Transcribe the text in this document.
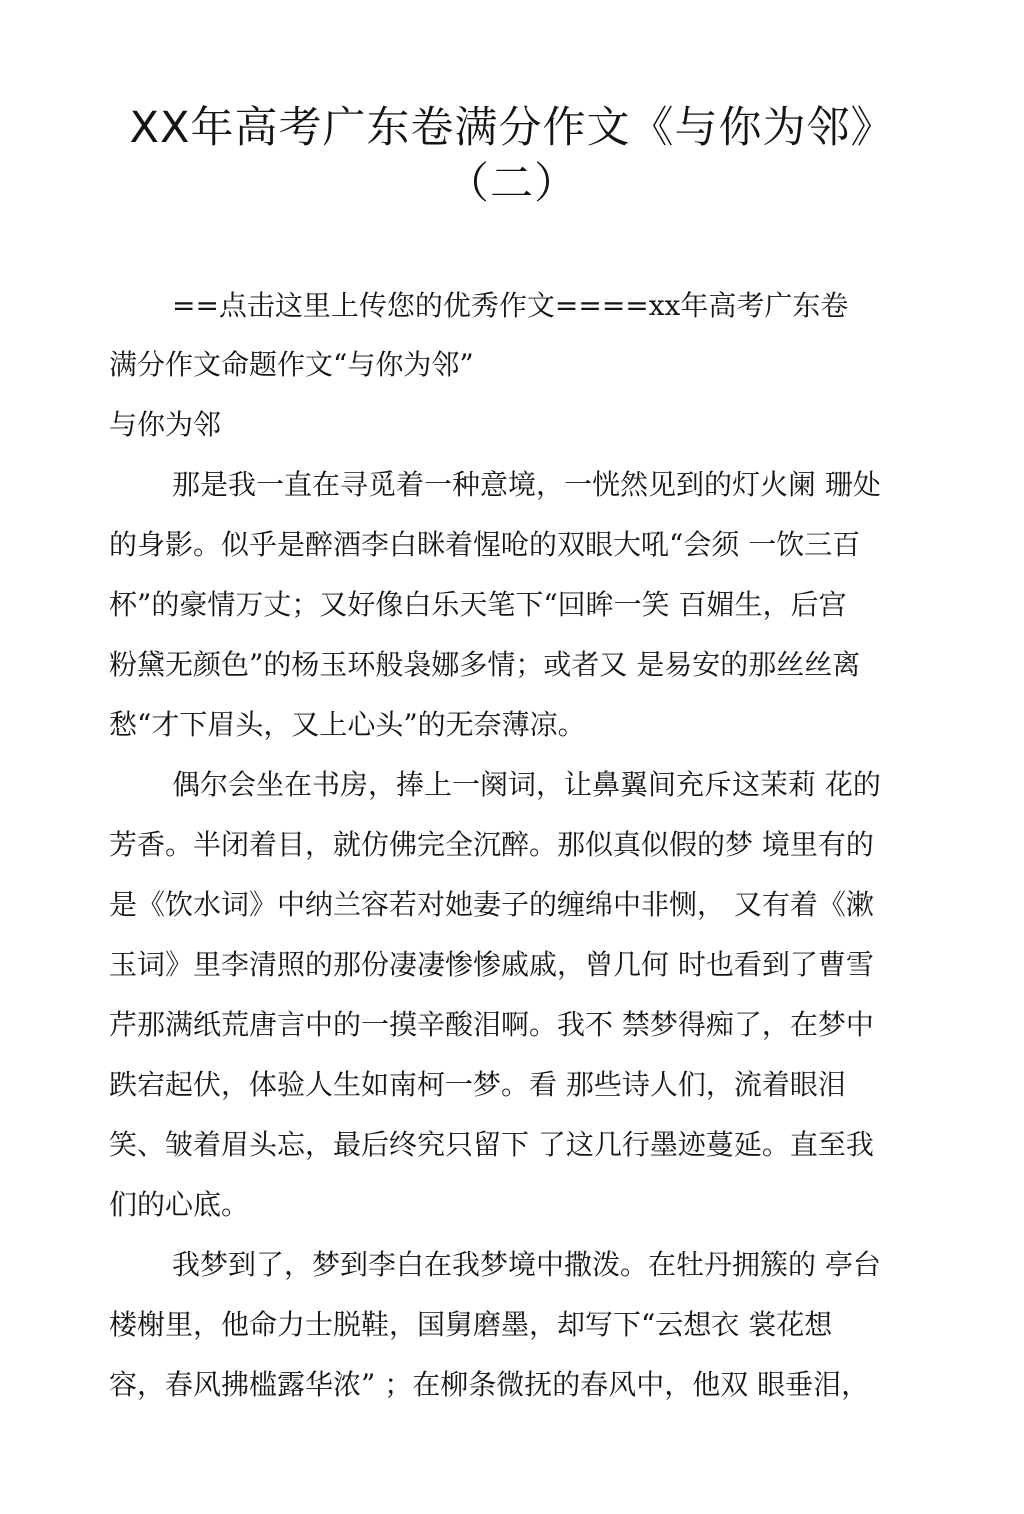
XX年高考广东卷满分作文《与你为邻》
（二）
==点击这里上传您的优秀作文====xx年高考广东卷
满分作文命题作文“与你为邻”
与你为邻
那是我一直在寻觅着一种意境，一恍然见到的灯火阑 珊处
的身影。似乎是醉酒李白眯着惺呛的双眼大吼“会须 一饮三百
杯”的豪情万丈；又好像白乐天笔下“回眸一笑 百媚生，后宫
粉黛无颜色”的杨玉环般袅娜多情；或者又 是易安的那丝丝离
愁“才下眉头，又上心头”的无奈薄凉。
偶尔会坐在书房，捧上一阕词，让鼻翼间充斥这茉莉 花的
芳香。半闭着目，就仿佛完全沉醉。那似真似假的梦 境里有的
是《饮水词》中纳兰容若对她妻子的缠绵中非恻， 又有着《漱
玉词》里李清照的那份凄凄惨惨戚戚，曾几何 时也看到了曹雪
芹那满纸荒唐言中的一摸辛酸泪啊。我不 禁梦得痴了，在梦中
跌宕起伏，体验人生如南柯一梦。看 那些诗人们，流着眼泪
笑、皱着眉头忘，最后终究只留下 了这几行墨迹蔓延。直至我
们的心底。
我梦到了，梦到李白在我梦境中撒泼。在牡丹拥簇的 亭台
楼榭里，他命力士脱鞋，国舅磨墨，却写下“云想衣 裳花想
容，春风拂槛露华浓” ；在柳条微抚的春风中，他双 眼垂泪，
